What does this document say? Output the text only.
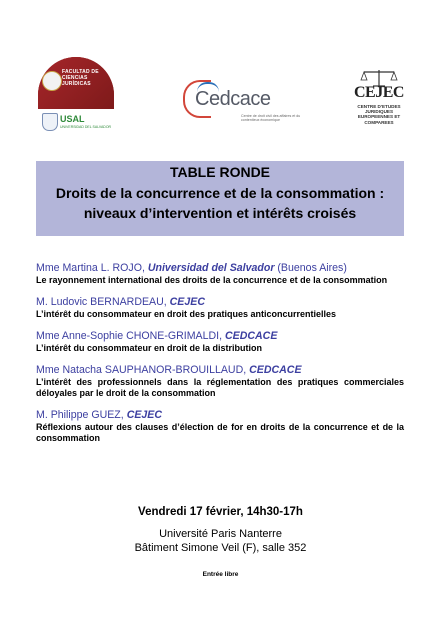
FACULTAD DE CIENCIAS JURÍDICAS
USAL
UNIVERSIDAD DEL SALVADOR
Cedcace
Centre de droit civil des affaires et du contentieux économique
CEJEC
CENTRE D'ETUDES JURIDIQUES EUROPEENNES ET COMPAREES
TABLE RONDE
Droits de la concurrence et de la consommation :
niveaux d’intervention et intérêts croisés
Mme Martina L. ROJO, Universidad del Salvador (Buenos Aires)
Le rayonnement international des droits de la concurrence et de la consommation
M. Ludovic BERNARDEAU, CEJEC
L’intérêt du consommateur en droit des pratiques anticoncurrentielles
Mme Anne-Sophie CHONE-GRIMALDI, CEDCACE
L’intérêt du consommateur en droit de la distribution
Mme Natacha SAUPHANOR-BROUILLAUD, CEDCACE
L’intérêt des professionnels dans la réglementation des pratiques commerciales déloyales par le droit de la consommation
M. Philippe GUEZ, CEJEC
Réflexions autour des clauses d’élection de for en droits de la concurrence et de la consommation
Vendredi 17 février, 14h30-17h
Université Paris Nanterre
Bâtiment Simone Veil (F), salle 352
Entrée libre
